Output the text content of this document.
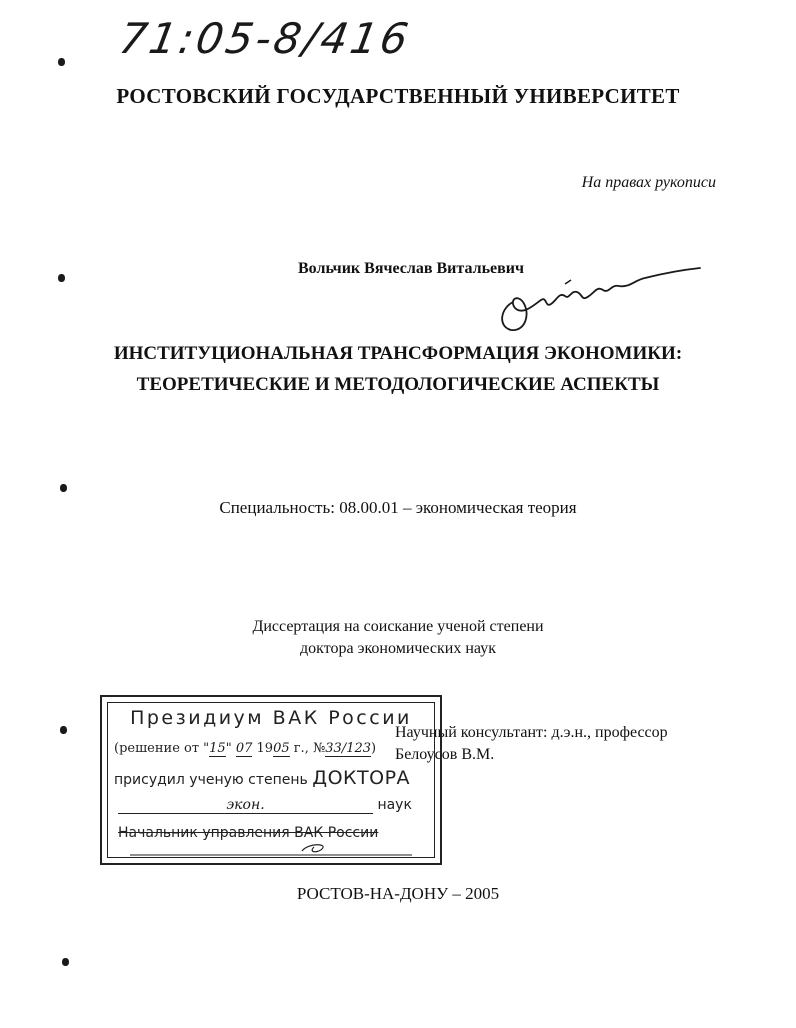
71:05-8/416
РОСТОВСКИЙ ГОСУДАРСТВЕННЫЙ УНИВЕРСИТЕТ
На правах рукописи
Вольчик Вячеслав Витальевич
ИНСТИТУЦИОНАЛЬНАЯ ТРАНСФОРМАЦИЯ ЭКОНОМИКИ:
ТЕОРЕТИЧЕСКИЕ И МЕТОДОЛОГИЧЕСКИЕ АСПЕКТЫ
Специальность: 08.00.01 – экономическая теория
Диссертация на соискание ученой степени
доктора экономических наук
Научный консультант: д.э.н., профессор
Белоусов В.М.
Президиум ВАК России
(решение от "15" 07 1905 г., №33/123)
присудил ученую степень ДОКТОРА
экон.	наук
Начальник управления ВАК России
РОСТОВ-НА-ДОНУ – 2005
